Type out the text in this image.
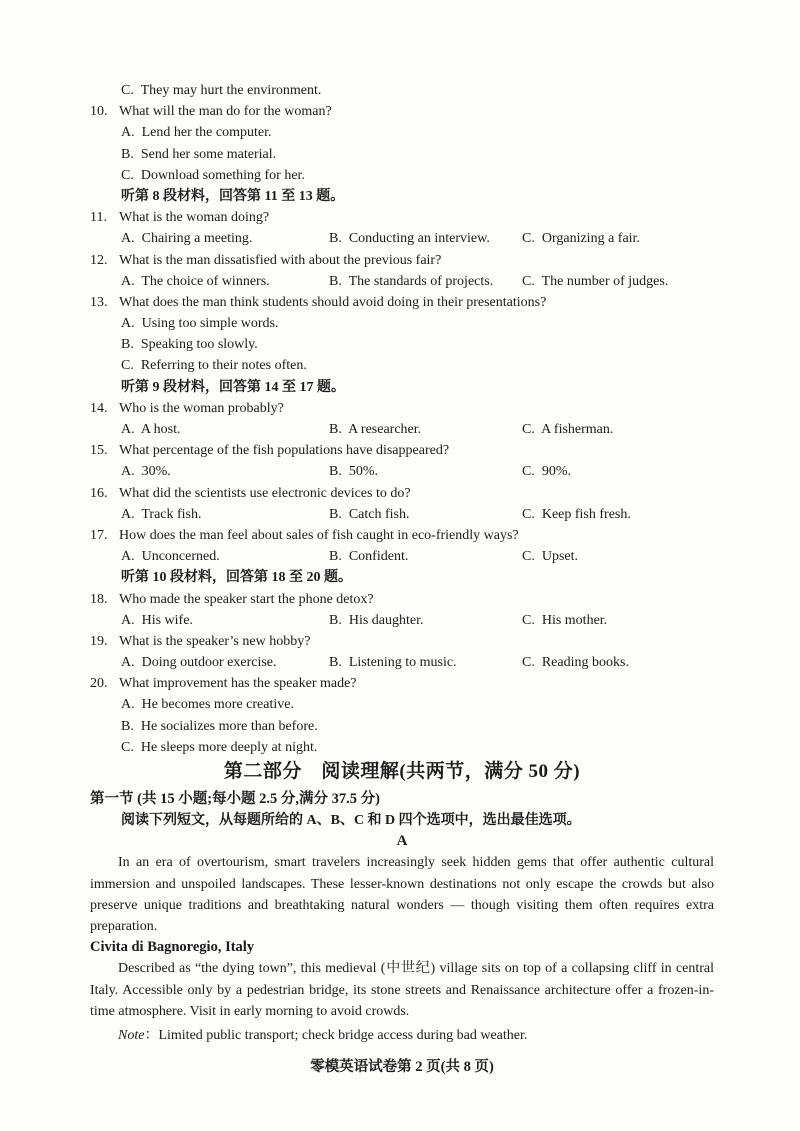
C.  They may hurt the environment.
10. What will the man do for the woman?
A.  Lend her the computer.
B.  Send her some material.
C.  Download something for her.
听第 8 段材料，回答第 11 至 13 题。
11. What is the woman doing?
A.  Chairing a meeting.	B.  Conducting an interview.	C.  Organizing a fair.
12. What is the man dissatisfied with about the previous fair?
A.  The choice of winners.	B.  The standards of projects.	C.  The number of judges.
13. What does the man think students should avoid doing in their presentations?
A.  Using too simple words.
B.  Speaking too slowly.
C.  Referring to their notes often.
听第 9 段材料，回答第 14 至 17 题。
14. Who is the woman probably?
A.  A host.	B.  A researcher.	C.  A fisherman.
15. What percentage of the fish populations have disappeared?
A.  30%.	B.  50%.	C.  90%.
16. What did the scientists use electronic devices to do?
A.  Track fish.	B.  Catch fish.	C.  Keep fish fresh.
17. How does the man feel about sales of fish caught in eco-friendly ways?
A.  Unconcerned.	B.  Confident.	C.  Upset.
听第 10 段材料，回答第 18 至 20 题。
18. Who made the speaker start the phone detox?
A.  His wife.	B.  His daughter.	C.  His mother.
19. What is the speaker’s new hobby?
A.  Doing outdoor exercise.	B.  Listening to music.	C.  Reading books.
20. What improvement has the speaker made?
A.  He becomes more creative.
B.  He socializes more than before.
C.  He sleeps more deeply at night.
第二部分　阅读理解(共两节，满分 50 分)
第一节 (共 15 小题;每小题 2.5 分,满分 37.5 分)
阅读下列短文，从每题所给的 A、B、C 和 D 四个选项中，选出最佳选项。
A

In an era of overtourism, smart travelers increasingly seek hidden gems that offer authentic cultural immersion and unspoiled landscapes. These lesser-known destinations not only escape the crowds but also preserve unique traditions and breathtaking natural wonders — though visiting them often requires extra preparation.

Civita di Bagnoregio, Italy

Described as “the dying town”, this medieval (中世纪) village sits on top of a collapsing cliff in central Italy. Accessible only by a pedestrian bridge, its stone streets and Renaissance architecture offer a frozen-in-time atmosphere. Visit in early morning to avoid crowds.

Note：Limited public transport; check bridge access during bad weather.

零模英语试卷第 2 页(共 8 页)
